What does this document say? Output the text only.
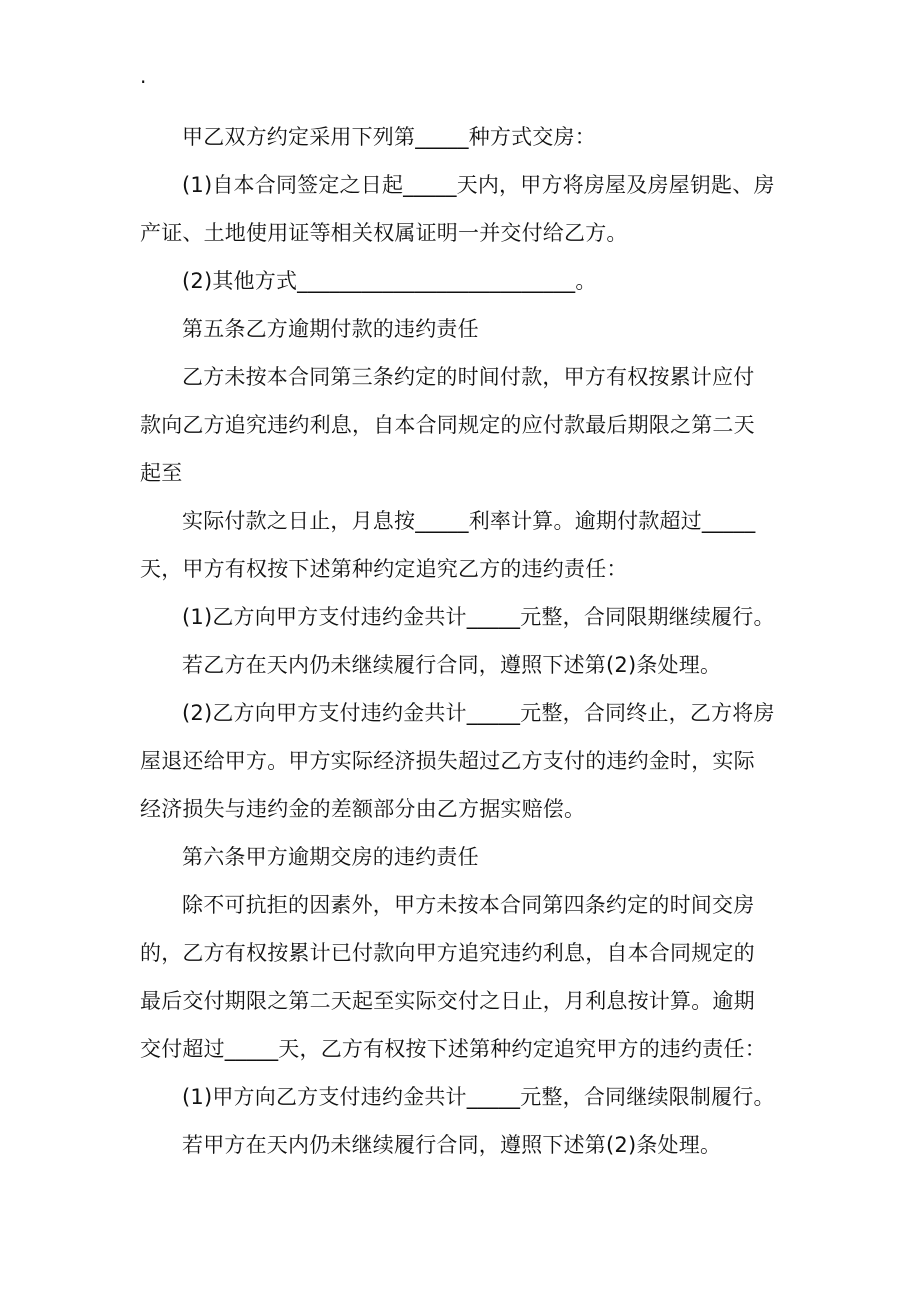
.
甲乙双方约定采用下列第_____种方式交房：
(1)自本合同签定之日起_____天内，甲方将房屋及房屋钥匙、房
产证、土地使用证等相关权属证明一并交付给乙方。
(2)其他方式__________________________。
第五条乙方逾期付款的违约责任
乙方未按本合同第三条约定的时间付款，甲方有权按累计应付
款向乙方追究违约利息，自本合同规定的应付款最后期限之第二天
起至
实际付款之日止，月息按_____利率计算。逾期付款超过_____
天，甲方有权按下述第种约定追究乙方的违约责任：
(1)乙方向甲方支付违约金共计_____元整，合同限期继续履行。
若乙方在天内仍未继续履行合同，遵照下述第(2)条处理。
(2)乙方向甲方支付违约金共计_____元整，合同终止，乙方将房
屋退还给甲方。甲方实际经济损失超过乙方支付的违约金时，实际
经济损失与违约金的差额部分由乙方据实赔偿。
第六条甲方逾期交房的违约责任
除不可抗拒的因素外，甲方未按本合同第四条约定的时间交房
的，乙方有权按累计已付款向甲方追究违约利息，自本合同规定的
最后交付期限之第二天起至实际交付之日止，月利息按计算。逾期
交付超过_____天，乙方有权按下述第种约定追究甲方的违约责任：
(1)甲方向乙方支付违约金共计_____元整，合同继续限制履行。
若甲方在天内仍未继续履行合同，遵照下述第(2)条处理。
